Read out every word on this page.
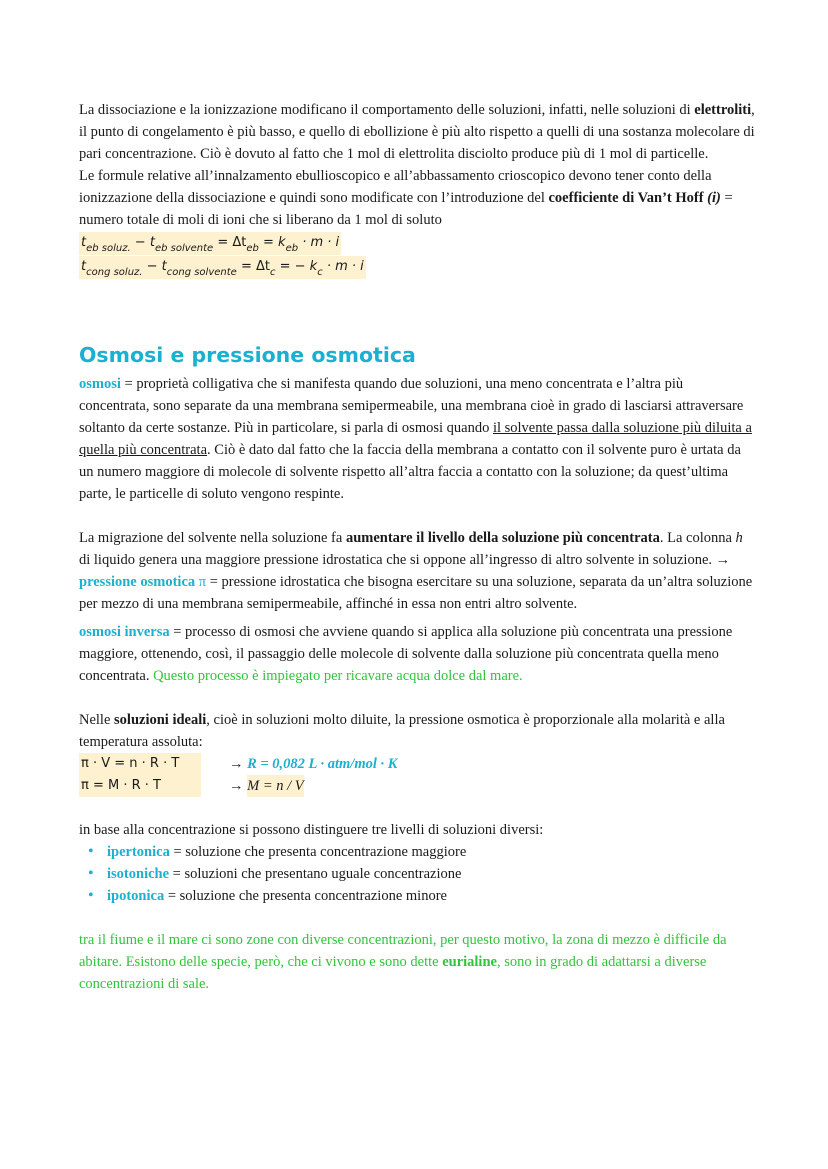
La dissociazione e la ionizzazione modificano il comportamento delle soluzioni, infatti, nelle soluzioni di elettroliti, il punto di congelamento è più basso, e quello di ebollizione è più alto rispetto a quelli di una sostanza molecolare di pari concentrazione. Ciò è dovuto al fatto che 1 mol di elettrolita disciolto produce più di 1 mol di particelle.

Le formule relative all’innalzamento ebullioscopico e all’abbassamento crioscopico devono tener conto della ionizzazione della dissociazione e quindi sono modificate con l’introduzione del coefficiente di Van’t Hoff (i) = numero totale di moli di ioni che si liberano da 1 mol di soluto

$t_{eb soluz.} - t_{eb solvente} = \Delta t_{eb} = k_{eb} \cdot m \cdot i$
$t_{cong soluz.} - t_{cong solvente} = \Delta t_c$ = − $k_c \cdot m \cdot i$
Osmosi e pressione osmotica

osmosi = proprietà colligativa che si manifesta quando due soluzioni, una meno concentrata e l’altra più concentrata, sono separate da una membrana semipermeabile, una membrana cioè in grado di lasciarsi attraversare soltanto da certe sostanze. Più in particolare, si parla di osmosi quando il solvente passa dalla soluzione più diluita a quella più concentrata. Ciò è dato dal fatto che la faccia della membrana a contatto con il solvente puro è urtata da un numero maggiore di molecole di solvente rispetto all’altra faccia a contatto con la soluzione; da quest’ultima parte, le particelle di soluto vengono respinte.

La migrazione del solvente nella soluzione fa aumentare il livello della soluzione più concentrata. La colonna h di liquido genera una maggiore pressione idrostatica che si oppone all’ingresso di altro solvente in soluzione. → pressione osmotica π = pressione idrostatica che bisogna esercitare su una soluzione, separata da un’altra soluzione per mezzo di una membrana semipermeabile, affinché in essa non entri altro solvente.

osmosi inversa = processo di osmosi che avviene quando si applica alla soluzione più concentrata una pressione maggiore, ottenendo, così, il passaggio delle molecole di solvente dalla soluzione più concentrata quella meno concentrata. Questo processo è impiegato per ricavare acqua dolce dal mare.

Nelle soluzioni ideali, cioè in soluzioni molto diluite, la pressione osmotica è proporzionale alla molarità e alla temperatura assoluta:

π · V = n · R · T	→
R = 0,082 L · atm/mol · K
π = M · R · T	→
M = n / V

in base alla concentrazione si possono distinguere tre livelli di soluzioni diversi:

• ipertonica = soluzione che presenta concentrazione maggiore
• isotoniche = soluzioni che presentano uguale concentrazione
• ipotonica = soluzione che presenta concentrazione minore

tra il fiume e il mare ci sono zone con diverse concentrazioni, per questo motivo, la zona di mezzo è difficile da abitare. Esistono delle specie, però, che ci vivono e sono dette eurialine, sono in grado di adattarsi a diverse concentrazioni di sale.
